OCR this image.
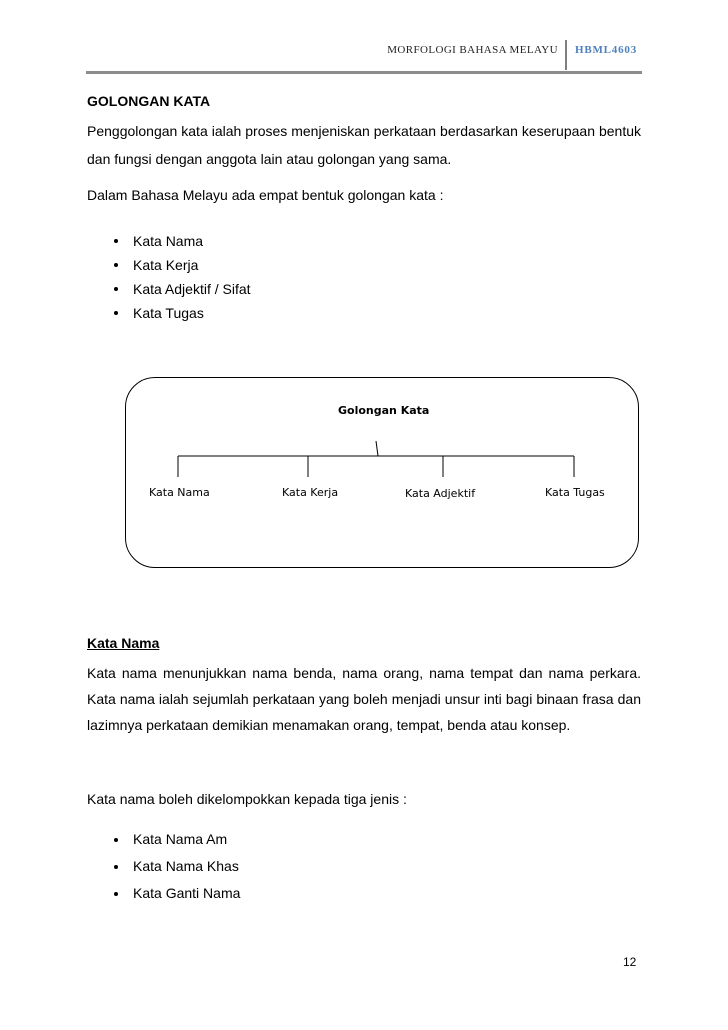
MORFOLOGI BAHASA MELAYU HBML4603
GOLONGAN KATA
Penggolongan kata ialah proses menjeniskan perkataan berdasarkan keserupaan bentuk dan fungsi dengan anggota lain atau golongan yang sama.
Dalam Bahasa Melayu ada empat bentuk golongan kata :
Kata Nama
Kata Kerja
Kata Adjektif / Sifat
Kata Tugas
Golongan Kata
Kata Nama	Kata Kerja	Kata Adjektif	Kata Tugas
Kata Nama
Kata nama menunjukkan nama benda, nama orang, nama tempat dan nama perkara. Kata nama ialah sejumlah perkataan yang boleh menjadi unsur inti bagi binaan frasa dan lazimnya perkataan demikian menamakan orang, tempat, benda atau konsep.
Kata nama boleh dikelompokkan kepada tiga jenis :
Kata Nama Am
Kata Nama Khas
Kata Ganti Nama
12
